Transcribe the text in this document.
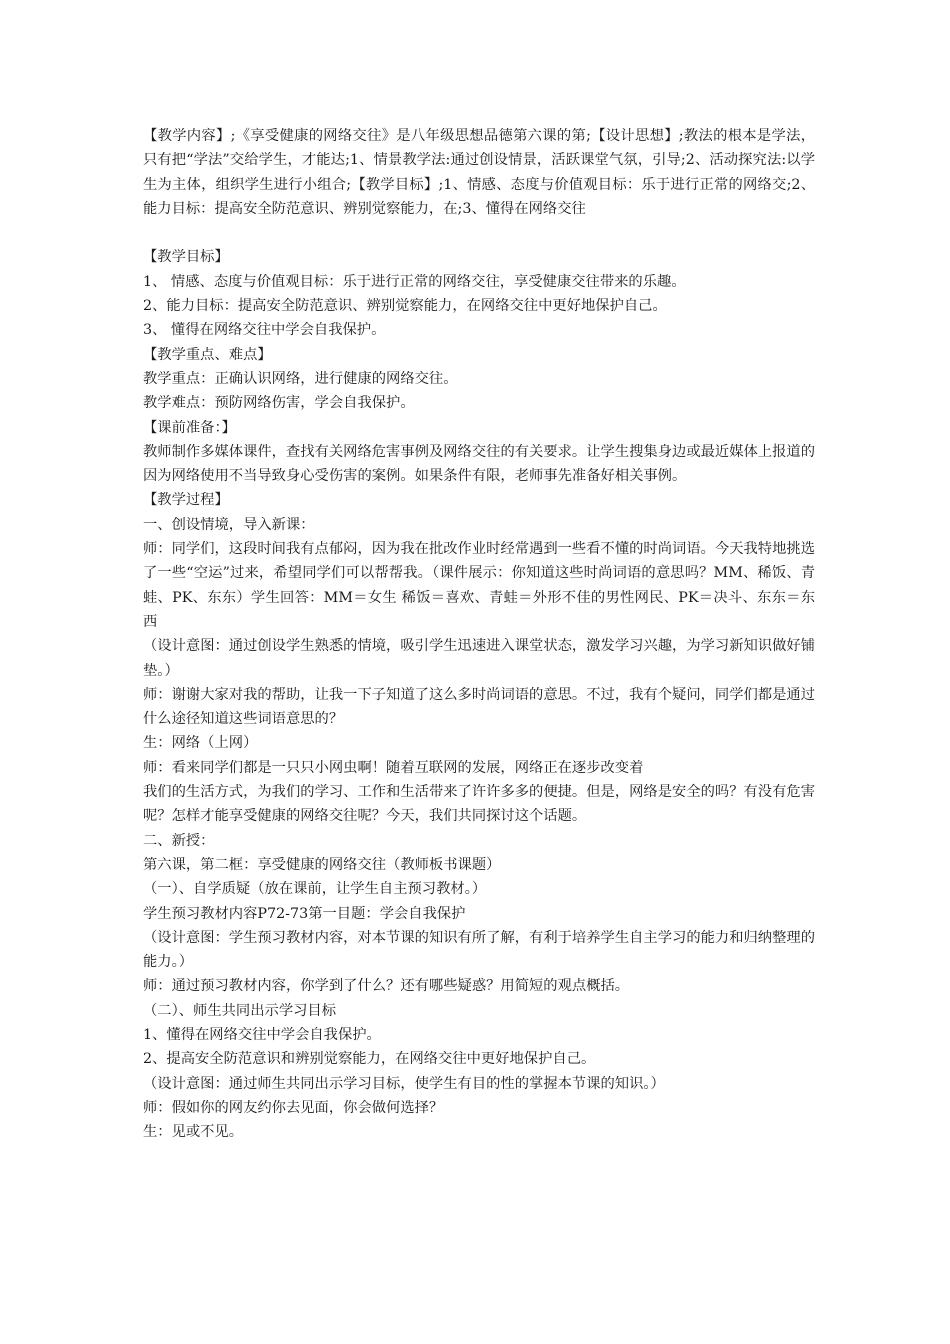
【教学内容】;《享受健康的网络交往》是八年级思想品德第六课的第;【设计思想】;教法的根本是学法，只有把“学法”交给学生，才能达;1、情景教学法:通过创设情景，活跃课堂气氛，引导;2、活动探究法:以学生为主体，组织学生进行小组合;【教学目标】;1、情感、态度与价值观目标：乐于进行正常的网络交;2、能力目标：提高安全防范意识、辨别觉察能力，在;3、懂得在网络交往

【教学目标】

1、 情感、态度与价值观目标：乐于进行正常的网络交往，享受健康交往带来的乐趣。

2、能力目标：提高安全防范意识、辨别觉察能力，在网络交往中更好地保护自己。

3、 懂得在网络交往中学会自我保护。

【教学重点、难点】

教学重点：正确认识网络，进行健康的网络交往。

教学难点：预防网络伤害，学会自我保护。

【课前准备：】

教师制作多媒体课件，查找有关网络危害事例及网络交往的有关要求。让学生搜集身边或最近媒体上报道的因为网络使用不当导致身心受伤害的案例。如果条件有限，老师事先准备好相关事例。

【教学过程】

一、创设情境，导入新课：

师：同学们，这段时间我有点郁闷，因为我在批改作业时经常遇到一些看不懂的时尚词语。今天我特地挑选了一些“空运”过来，希望同学们可以帮帮我。（课件展示：你知道这些时尚词语的意思吗？MM、稀饭、青蛙、PK、东东）学生回答：MM＝女生 稀饭＝喜欢、青蛙＝外形不佳的男性网民、PK＝决斗、东东＝东西

（设计意图：通过创设学生熟悉的情境，吸引学生迅速进入课堂状态，激发学习兴趣，为学习新知识做好铺垫。）

师：谢谢大家对我的帮助，让我一下子知道了这么多时尚词语的意思。不过，我有个疑问，同学们都是通过什么途径知道这些词语意思的？

生：网络（上网）

师：看来同学们都是一只只小网虫啊！随着互联网的发展，网络正在逐步改变着

我们的生活方式，为我们的学习、工作和生活带来了许许多多的便捷。但是，网络是安全的吗？有没有危害呢？怎样才能享受健康的网络交往呢？今天，我们共同探讨这个话题。

二、新授：

第六课，第二框：享受健康的网络交往（教师板书课题）

（一）、自学质疑（放在课前，让学生自主预习教材。）

学生预习教材内容P72-73第一目题：学会自我保护

（设计意图：学生预习教材内容，对本节课的知识有所了解，有利于培养学生自主学习的能力和归纳整理的能力。）

师：通过预习教材内容，你学到了什么？还有哪些疑惑？用简短的观点概括。

（二）、师生共同出示学习目标

1、懂得在网络交往中学会自我保护。

2、提高安全防范意识和辨别觉察能力，在网络交往中更好地保护自己。

（设计意图：通过师生共同出示学习目标，使学生有目的性的掌握本节课的知识。）

师：假如你的网友约你去见面，你会做何选择？

生：见或不见。
